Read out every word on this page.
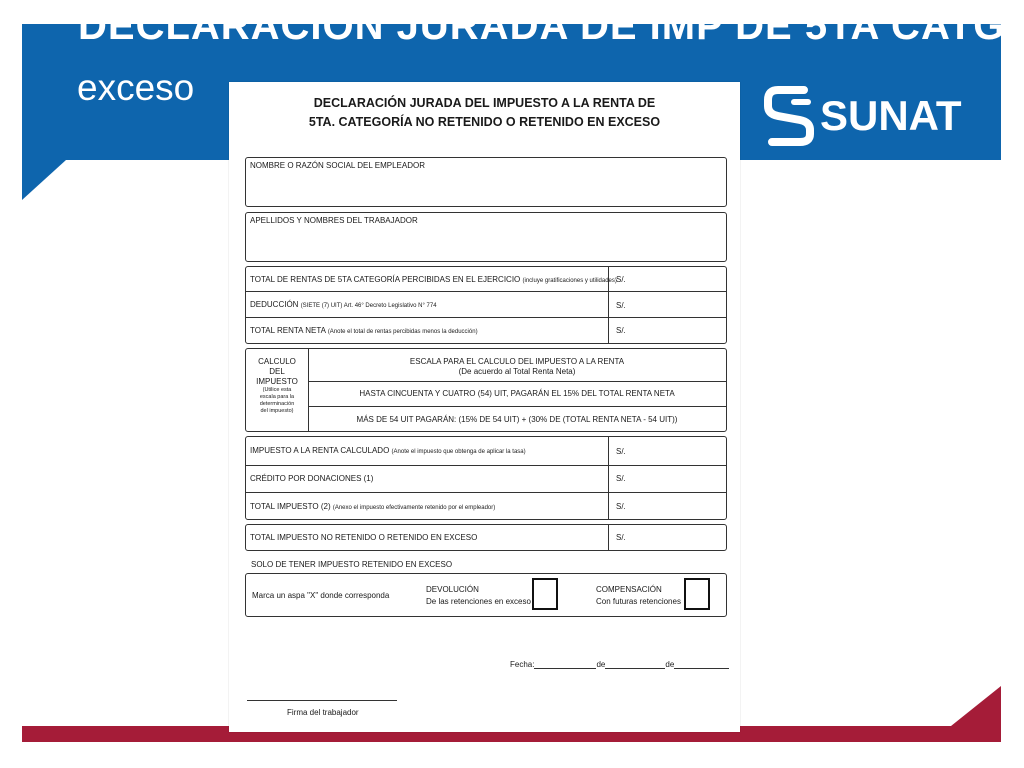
DECLARACIÓN JURADA DE IMP DE 5TA CATG.
exceso
SUNAT
DECLARACIÓN JURADA DEL IMPUESTO A LA RENTA DE
5TA. CATEGORÍA NO RETENIDO O RETENIDO EN EXCESO
NOMBRE O RAZÓN SOCIAL DEL EMPLEADOR
APELLIDOS Y NOMBRES DEL TRABAJADOR
TOTAL DE RENTAS DE 5TA CATEGORÍA PERCIBIDAS EN EL EJERCICIO (incluye gratificaciones y utilidades) S/.
DEDUCCIÓN (SIETE (7) UIT) Art. 46° Decreto Legislativo N° 774	S/.
TOTAL RENTA NETA (Anote el total de rentas percibidas menos la deducción)	S/.
CALCULO
DEL
IMPUESTO
(Utilice esta
escala para la
determinación
del impuesto)
ESCALA PARA EL CALCULO DEL IMPUESTO A LA RENTA
(De acuerdo al Total Renta Neta)
HASTA CINCUENTA Y CUATRO (54) UIT, PAGARÁN EL 15% DEL TOTAL RENTA NETA
MÁS DE 54 UIT PAGARÁN: (15% DE 54 UIT) + (30% DE (TOTAL RENTA NETA - 54 UIT))
IMPUESTO A LA RENTA CALCULADO (Anote el impuesto que obtenga de aplicar la tasa)	S/.
CRÉDITO POR DONACIONES (1)	S/.
TOTAL IMPUESTO (2) (Anexo el impuesto efectivamente retenido por el empleador)	S/.
TOTAL IMPUESTO NO RETENIDO O RETENIDO EN EXCESO	S/.
SOLO DE TENER IMPUESTO RETENIDO EN EXCESO
Marca un aspa "X" donde corresponda
DEVOLUCIÓN
De las retenciones en exceso
COMPENSACIÓN
Con futuras retenciones
Fecha:	de	de
Firma del trabajador
